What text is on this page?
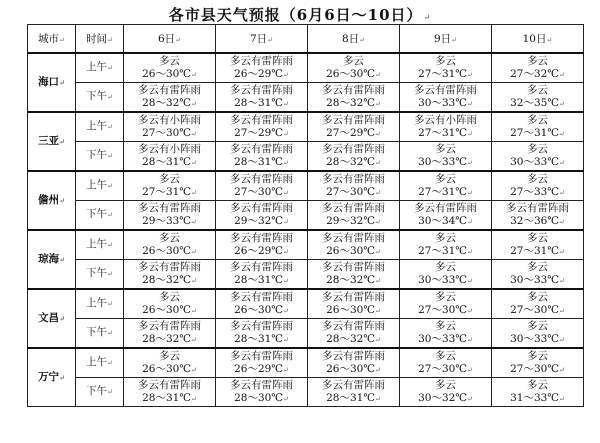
各市县天气预报（6月6日～10日）↵
城市↵	时间↵	6日↵	7日↵	8日↵	9日↵	10日↵
海口↵	上午↵	多云
26～30℃↵	多云有雷阵雨
26～29℃↵	多云
26～30℃↵	多云
27～31℃↵	多云
27～32℃↵

	下午↵	多云有雷阵雨
28～32℃↵	多云有雷阵雨
28～31℃↵	多云有雷阵雨
28～32℃↵	多云有雷阵雨
30～33℃↵	多云
32～35℃↵

三亚↵	上午↵	多云有小阵雨
27～30℃↵	多云有雷阵雨
27～29℃↵	多云有雷阵雨
27～29℃↵	多云有小阵雨
27～31℃↵	多云
27～31℃↵

	下午↵	多云有小阵雨
28～31℃↵	多云有雷阵雨
28～31℃↵	多云有雷阵雨
28～32℃↵	多云
30～33℃↵	多云
30～33℃↵

儋州↵	上午↵	多云
27～31℃↵	多云有雷阵雨
27～30℃↵	多云有雷阵雨
27～30℃↵	多云
27～31℃↵	多云
27～33℃↵

	下午↵	多云有雷阵雨
29～33℃↵	多云有雷阵雨
29～32℃↵	多云有雷阵雨
29～32℃↵	多云有雷阵雨
30～34℃↵	多云有雷阵雨
32～36℃↵

琼海↵	上午↵	多云
26～30℃↵	多云有雷阵雨
26～29℃↵	多云有雷阵雨
26～30℃↵	多云
27～31℃↵	多云
27～31℃↵

	下午↵	多云有雷阵雨
28～32℃↵	多云有雷阵雨
28～31℃↵	多云有雷阵雨
28～32℃↵	多云
30～33℃↵	多云
30～33℃↵

文昌↵	上午↵	多云
26～30℃↵	多云有雷阵雨
26～30℃↵	多云有雷阵雨
26～30℃↵	多云
27～30℃↵	多云
27～30℃↵

	下午↵	多云有雷阵雨
28～32℃↵	多云有雷阵雨
28～31℃↵	多云有雷阵雨
28～32℃↵	多云
30～33℃↵	多云
30～33℃↵

万宁↵	上午↵	多云
26～30℃↵	多云有雷阵雨
26～29℃↵	多云有雷阵雨
26～30℃↵	多云
27～30℃↵	多云
27～30℃↵

	下午↵	多云有雷阵雨
28～31℃↵	多云有雷阵雨
28～30℃↵	多云有雷阵雨
28～31℃↵	多云
30～32℃↵	多云
31～33℃↵
